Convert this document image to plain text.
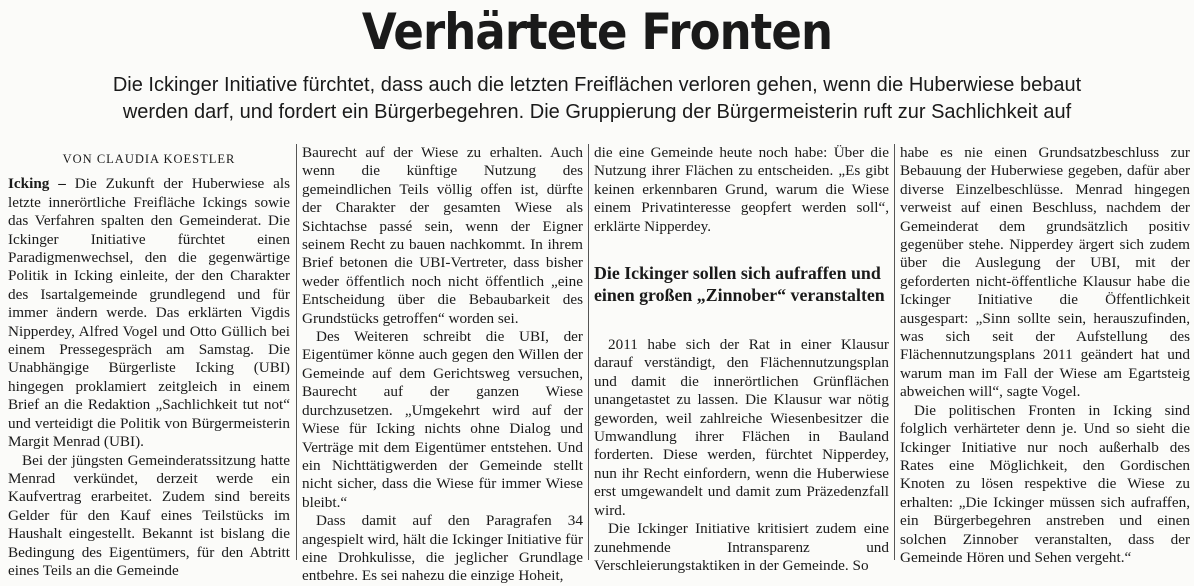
Verhärtete Fronten
Die Ickinger Initiative fürchtet, dass auch die letzten Freiflächen verloren gehen, wenn die Huberwiese bebaut werden darf, und fordert ein Bürgerbegehren. Die Gruppierung der Bürgermeisterin ruft zur Sachlichkeit auf
VON CLAUDIA KOESTLER

Icking – Die Zukunft der Huberwiese als letzte innerörtliche Freifläche Ickings sowie das Verfahren spalten den Gemeinderat. Die Ickinger Initiative fürchtet einen Paradigmenwechsel, den die gegenwärtige Politik in Icking einleite, der den Charakter des Isartalgemeinde grundlegend und für immer ändern werde. Das erklärten Vigdis Nipperdey, Alfred Vogel und Otto Güllich bei einem Pressegespräch am Samstag. Die Unabhängige Bürgerliste Icking (UBI) hingegen proklamiert zeitgleich in einem Brief an die Redaktion „Sachlichkeit tut not“ und verteidigt die Politik von Bürgermeisterin Margit Menrad (UBI).

Bei der jüngsten Gemeinderatssitzung hatte Menrad verkündet, derzeit werde ein Kaufvertrag erarbeitet. Zudem sind bereits Gelder für den Kauf eines Teilstücks im Haushalt eingestellt. Bekannt ist bislang die Bedingung des Eigentümers, für den Abtritt eines Teils an die Gemeinde

Baurecht auf der Wiese zu erhalten. Auch wenn die künftige Nutzung des gemeindlichen Teils völlig offen ist, dürfte der Charakter der gesamten Wiese als Sichtachse passé sein, wenn der Eigner seinem Recht zu bauen nachkommt. In ihrem Brief betonen die UBI-Vertreter, dass bisher weder öffentlich noch nicht öffentlich „eine Entscheidung über die Bebaubarkeit des Grundstücks getroffen“ worden sei.

Des Weiteren schreibt die UBI, der Eigentümer könne auch gegen den Willen der Gemeinde auf dem Gerichtsweg versuchen, Baurecht auf der ganzen Wiese durchzusetzen. „Umgekehrt wird auf der Wiese für Icking nichts ohne Dialog und Verträge mit dem Eigentümer entstehen. Und ein Nichttätigwerden der Gemeinde stellt nicht sicher, dass die Wiese für immer Wiese bleibt.“

Dass damit auf den Paragrafen 34 angespielt wird, hält die Ickinger Initiative für eine Drohkulisse, die jeglicher Grundlage entbehre. Es sei nahezu die einzige Hoheit,

die eine Gemeinde heute noch habe: Über die Nutzung ihrer Flächen zu entscheiden. „Es gibt keinen erkennbaren Grund, warum die Wiese einem Privatinteresse geopfert werden soll“, erklärte Nipperdey.

Die Ickinger sollen sich aufraffen und einen großen „Zinnober“ veranstalten

2011 habe sich der Rat in einer Klausur darauf verständigt, den Flächennutzungsplan und damit die innerörtlichen Grünflächen unangetastet zu lassen. Die Klausur war nötig geworden, weil zahlreiche Wiesenbesitzer die Umwandlung ihrer Flächen in Bauland forderten. Diese werden, fürchtet Nipperdey, nun ihr Recht einfordern, wenn die Huberwiese erst umgewandelt und damit zum Präzedenzfall wird.

Die Ickinger Initiative kritisiert zudem eine zunehmende Intransparenz und Verschleierungstaktiken in der Gemeinde. So

habe es nie einen Grundsatzbeschluss zur Bebauung der Huberwiese gegeben, dafür aber diverse Einzelbeschlüsse. Menrad hingegen verweist auf einen Beschluss, nachdem der Gemeinderat dem grundsätzlich positiv gegenüber stehe. Nipperdey ärgert sich zudem über die Auslegung der UBI, mit der geforderten nicht-öffentliche Klausur habe die Ickinger Initiative die Öffentlichkeit ausgespart: „Sinn sollte sein, herauszufinden, was sich seit der Aufstellung des Flächennutzungsplans 2011 geändert hat und warum man im Fall der Wiese am Egartsteig abweichen will“, sagte Vogel.

Die politischen Fronten in Icking sind folglich verhärteter denn je. Und so sieht die Ickinger Initiative nur noch außerhalb des Rates eine Möglichkeit, den Gordischen Knoten zu lösen respektive die Wiese zu erhalten: „Die Ickinger müssen sich aufraffen, ein Bürgerbegehren anstreben und einen solchen Zinnober veranstalten, dass der Gemeinde Hören und Sehen vergeht.“
